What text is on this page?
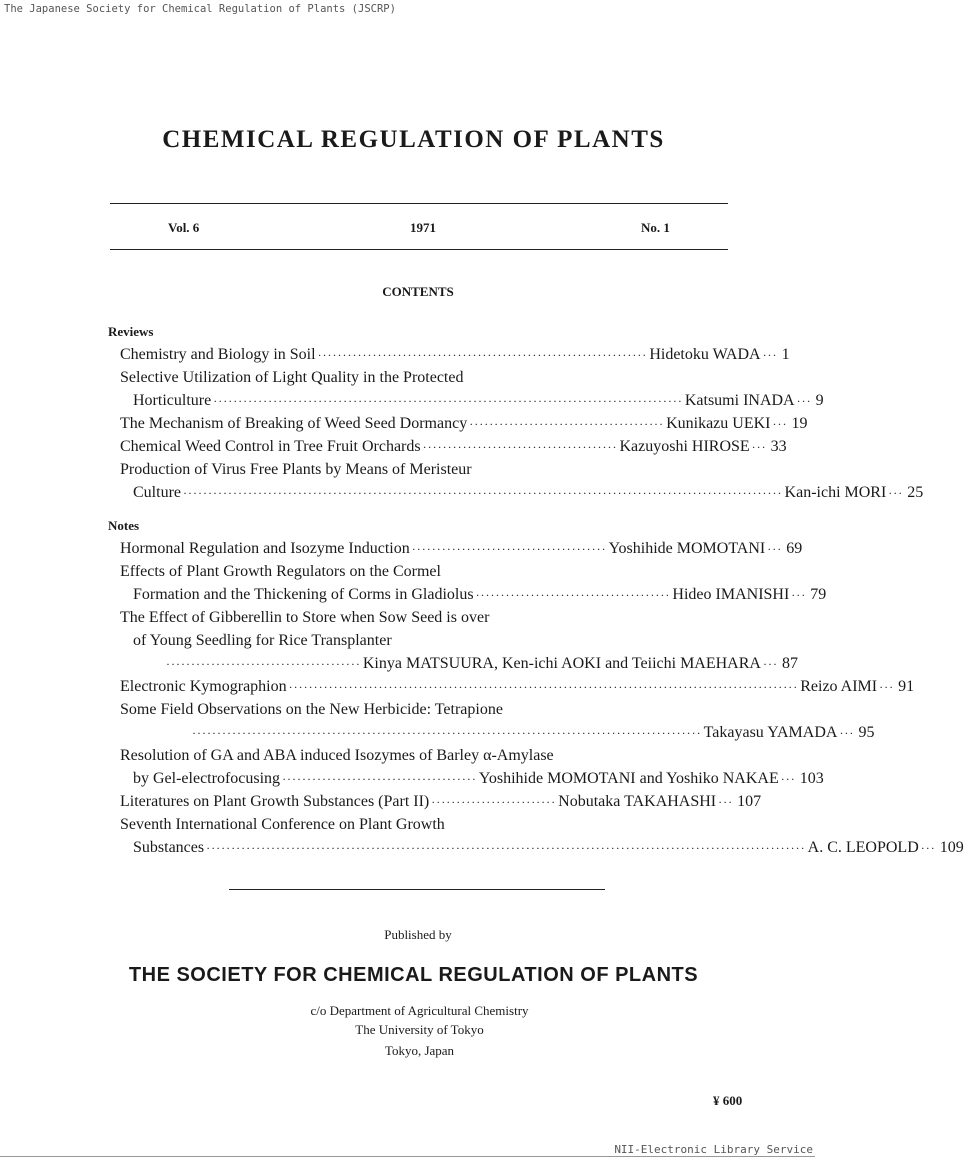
The Japanese Society for Chemical Regulation of Plants (JSCRP)
CHEMICAL REGULATION OF PLANTS
Vol. 6	1971	No. 1
CONTENTS
Reviews
Chemistry and Biology in Soil ·································································· Hidetoku WADA ··· 1
Selective Utilization of Light Quality in the Protected
Horticulture ······························································································ Katsumi INADA ··· 9
The Mechanism of Breaking of Weed Seed Dormancy ······································· Kunikazu UEKI ··· 19
Chemical Weed Control in Tree Fruit Orchards ······································· Kazuyoshi HIROSE ··· 33
Production of Virus Free Plants by Means of Meristeur
Culture ························································································································ Kan-ichi MORI ··· 25
Notes
Hormonal Regulation and Isozyme Induction ······································· Yoshihide MOMOTANI ··· 69
Effects of Plant Growth Regulators on the Cormel
Formation and the Thickening of Corms in Gladiolus ······································· Hideo IMANISHI ··· 79
The Effect of Gibberellin to Store when Sow Seed is over
of Young Seedling for Rice Transplanter
······································· Kinya MATSUURA, Ken-ichi AOKI and Teiichi MAEHARA ··· 87
Electronic Kymographion ······································································································ Reizo AIMI ··· 91
Some Field Observations on the New Herbicide: Tetrapione
······································································································ Takayasu YAMADA ··· 95
Resolution of GA and ABA induced Isozymes of Barley α-Amylase
by Gel-electrofocusing ······································· Yoshihide MOMOTANI and Yoshiko NAKAE ··· 103
Literatures on Plant Growth Substances (Part II) ························· Nobutaka TAKAHASHI ··· 107
Seventh International Conference on Plant Growth
Substances ························································································································ A. C. LEOPOLD ··· 109
Published by
THE SOCIETY FOR CHEMICAL REGULATION OF PLANTS
c/o Department of Agricultural Chemistry
The University of Tokyo
Tokyo, Japan
¥ 600
NII-Electronic Library Service
